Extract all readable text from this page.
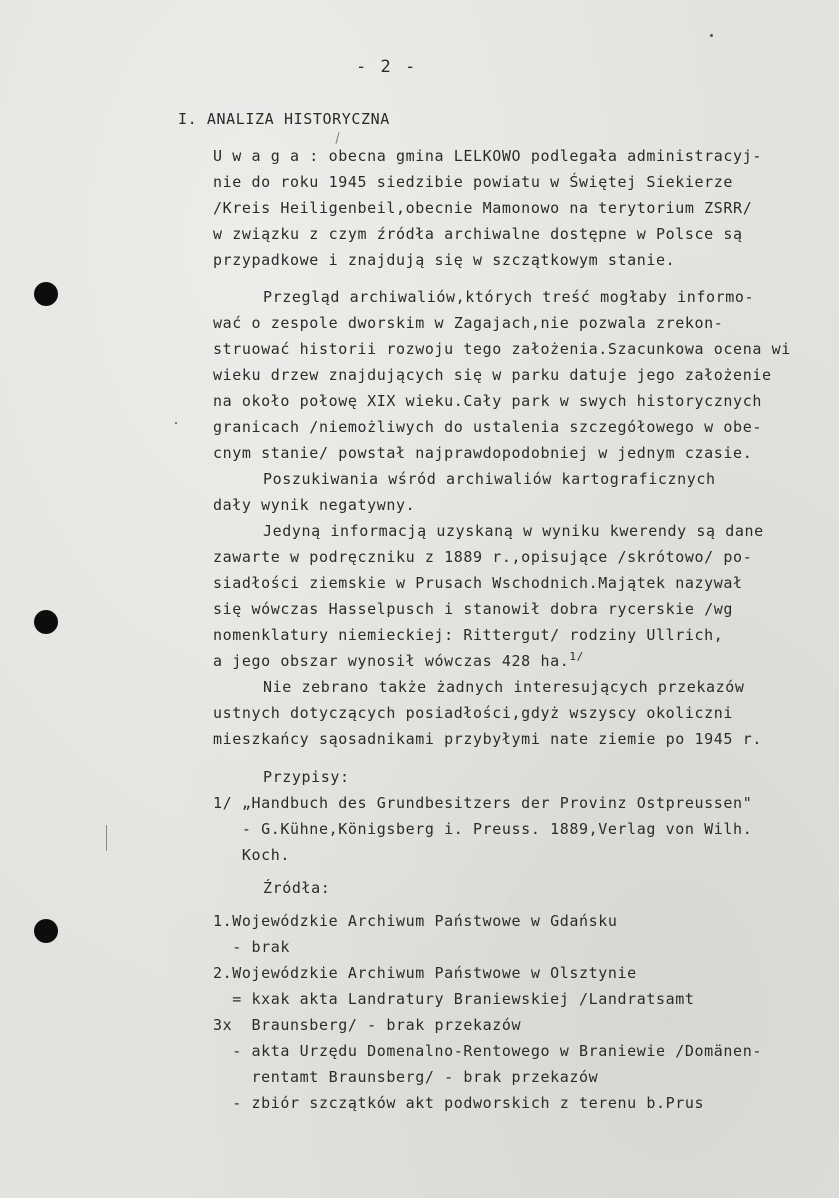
- 2 -
I. ANALIZA HISTORYCZNA
U w a g a : obecna gmina LELKOWO podlegała administracyj-
nie do roku 1945 siedzibie powiatu w Świętej Siekierze
/Kreis Heiligenbeil,obecnie Mamonowo na terytorium ZSRR/
w związku z czym źródła archiwalne dostępne w Polsce są
przypadkowe i znajdują się w szczątkowym stanie.
Przegląd archiwaliów,których treść mogłaby informo-
wać o zespole dworskim w Zagajach,nie pozwala zrekon-
struować historii rozwoju tego założenia.Szacunkowa ocena wi
wieku drzew znajdujących się w parku datuje jego założenie
na około połowę XIX wieku.Cały park w swych historycznych
granicach /niemożliwych do ustalenia szczegółowego w obe-
cnym stanie/ powstał najprawdopodobniej w jednym czasie.
Poszukiwania wśród archiwaliów kartograficznych
dały wynik negatywny.
Jedyną informacją uzyskaną w wyniku kwerendy są dane
zawarte w podręczniku z 1889 r.,opisujące /skrótowo/ po-
siadłości ziemskie w Prusach Wschodnich.Majątek nazywał
się wówczas Hasselpusch i stanowił dobra rycerskie /wg
nomenklatury niemieckiej: Rittergut/ rodziny Ullrich,
a jego obszar wynosił wówczas 428 ha.$^{1/}$
Nie zebrano także żadnych interesujących przekazów
ustnych dotyczących posiadłości,gdyż wszyscy okoliczni
mieszkańcy sąosadnikami przybyłymi nate ziemie po 1945 r.
Przypisy:
1/ „Handbuch des Grundbesitzers der Provinz Ostpreussen"
- G.Kühne,Königsberg i. Preuss. 1889,Verlag von Wilh.
Koch.
Źródła:
1.Wojewódzkie Archiwum Państwowe w Gdańsku
- brak
2.Wojewódzkie Archiwum Państwowe w Olsztynie
= kxak akta Landratury Braniewskiej /Landratsamt
3x  Braunsberg/ - brak przekazów
- akta Urzędu Domenalno-Rentowego w Braniewie /Domänen-
rentamt Braunsberg/ - brak przekazów
- zbiór szczątków akt podworskich z terenu b.Prus
